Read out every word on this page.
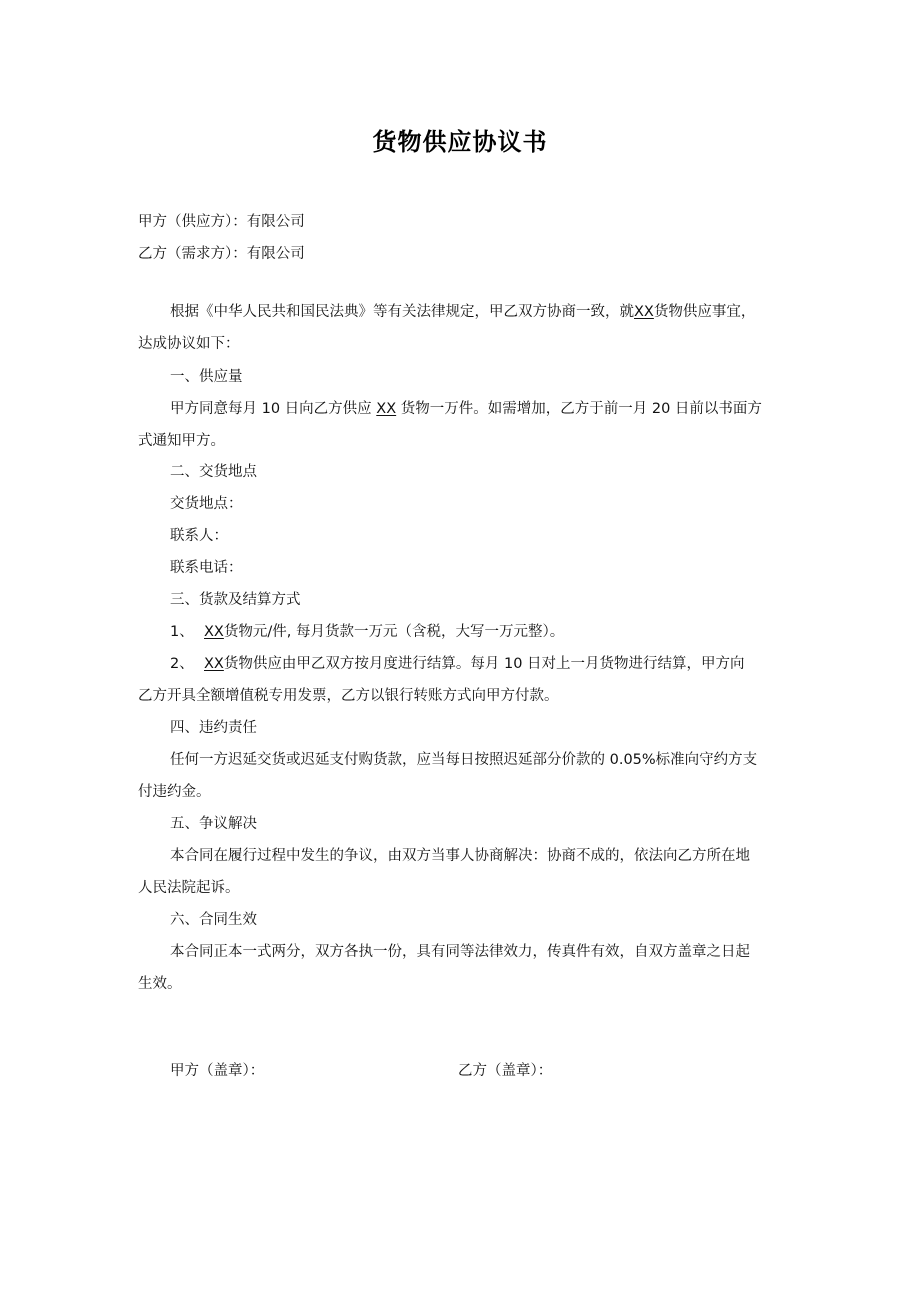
货物供应协议书
甲方（供应方）：有限公司
乙方（需求方）：有限公司
根据《中华人民共和国民法典》等有关法律规定，甲乙双方协商一致，就XX货物供应事宜，
达成协议如下：
一、供应量
甲方同意每月 10 日向乙方供应 XX 货物一万件。如需增加，乙方于前一月 20 日前以书面方
式通知甲方。
二、交货地点
交货地点：
联系人：
联系电话：
三、货款及结算方式
1、 XX货物元/件, 每月货款一万元（含税，大写一万元整）。
2、 XX货物供应由甲乙双方按月度进行结算。每月 10 日对上一月货物进行结算，甲方向
乙方开具全额增值税专用发票，乙方以银行转账方式向甲方付款。
四、违约责任
任何一方迟延交货或迟延支付购货款，应当每日按照迟延部分价款的 0.05%标准向守约方支
付违约金。
五、争议解决
本合同在履行过程中发生的争议，由双方当事人协商解决：协商不成的，依法向乙方所在地
人民法院起诉。
六、合同生效
本合同正本一式两分，双方各执一份，具有同等法律效力，传真件有效，自双方盖章之日起
生效。
甲方（盖章）：	乙方（盖章）：
